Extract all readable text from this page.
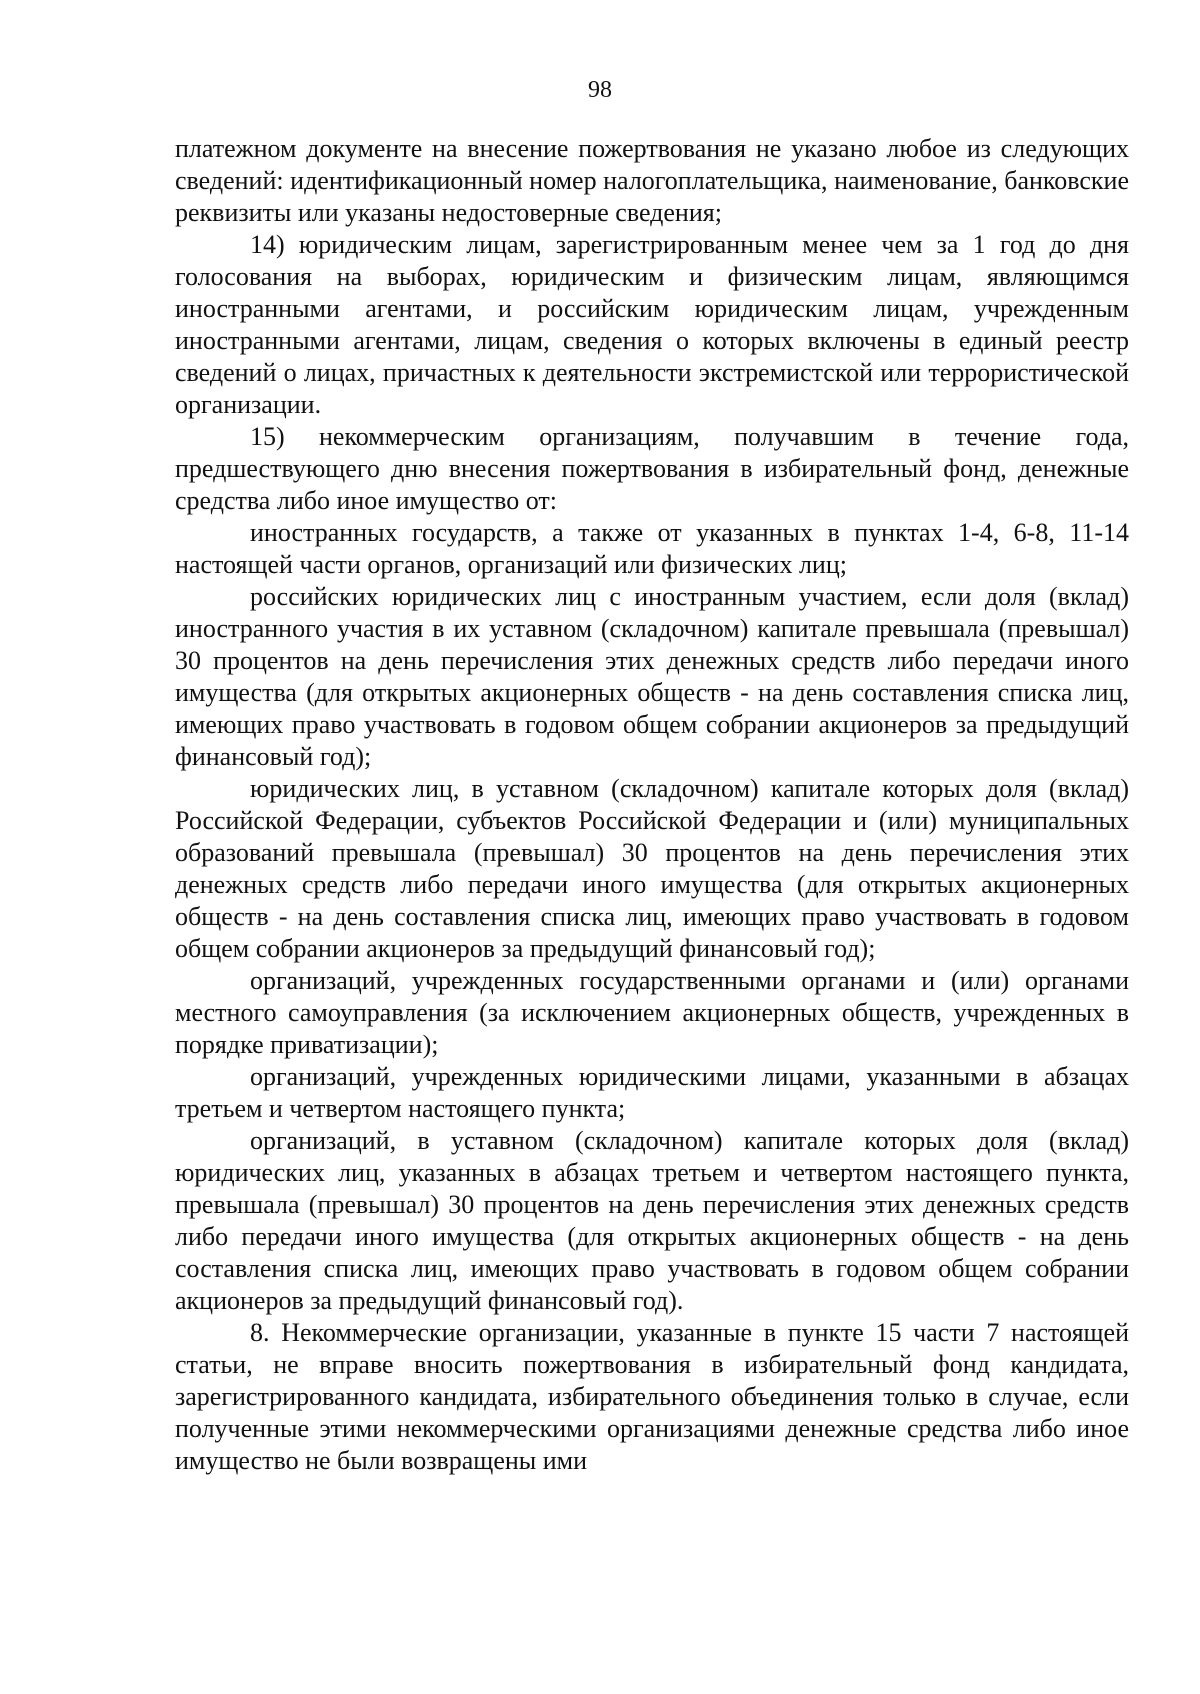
98

платежном документе на внесение пожертвования не указано любое из следующих сведений: идентификационный номер налогоплательщика, наименование, банковские реквизиты или указаны недостоверные сведения;

14) юридическим лицам, зарегистрированным менее чем за 1 год до дня голосования на выборах, юридическим и физическим лицам, являющимся иностранными агентами, и российским юридическим лицам, учрежденным иностранными агентами, лицам, сведения о которых включены в единый реестр сведений о лицах, причастных к деятельности экстремистской или террористической организации.

15) некоммерческим организациям, получавшим в течение года, предшествующего дню внесения пожертвования в избирательный фонд, денежные средства либо иное имущество от:

иностранных государств, а также от указанных в пунктах 1-4, 6-8, 11-14 настоящей части органов, организаций или физических лиц;

российских юридических лиц с иностранным участием, если доля (вклад) иностранного участия в их уставном (складочном) капитале превышала (превышал) 30 процентов на день перечисления этих денежных средств либо передачи иного имущества (для открытых акционерных обществ - на день составления списка лиц, имеющих право участвовать в годовом общем собрании акционеров за предыдущий финансовый год);

юридических лиц, в уставном (складочном) капитале которых доля (вклад) Российской Федерации, субъектов Российской Федерации и (или) муниципальных образований превышала (превышал) 30 процентов на день перечисления этих денежных средств либо передачи иного имущества (для открытых акционерных обществ - на день составления списка лиц, имеющих право участвовать в годовом общем собрании акционеров за предыдущий финансовый год);

организаций, учрежденных государственными органами и (или) органами местного самоуправления (за исключением акционерных обществ, учрежденных в порядке приватизации);

организаций, учрежденных юридическими лицами, указанными в абзацах третьем и четвертом настоящего пункта;

организаций, в уставном (складочном) капитале которых доля (вклад) юридических лиц, указанных в абзацах третьем и четвертом настоящего пункта, превышала (превышал) 30 процентов на день перечисления этих денежных средств либо передачи иного имущества (для открытых акционерных обществ - на день составления списка лиц, имеющих право участвовать в годовом общем собрании акционеров за предыдущий финансовый год).

8. Некоммерческие организации, указанные в пункте 15 части 7 настоящей статьи, не вправе вносить пожертвования в избирательный фонд кандидата, зарегистрированного кандидата, избирательного объединения только в случае, если полученные этими некоммерческими организациями денежные средства либо иное имущество не были возвращены ими
